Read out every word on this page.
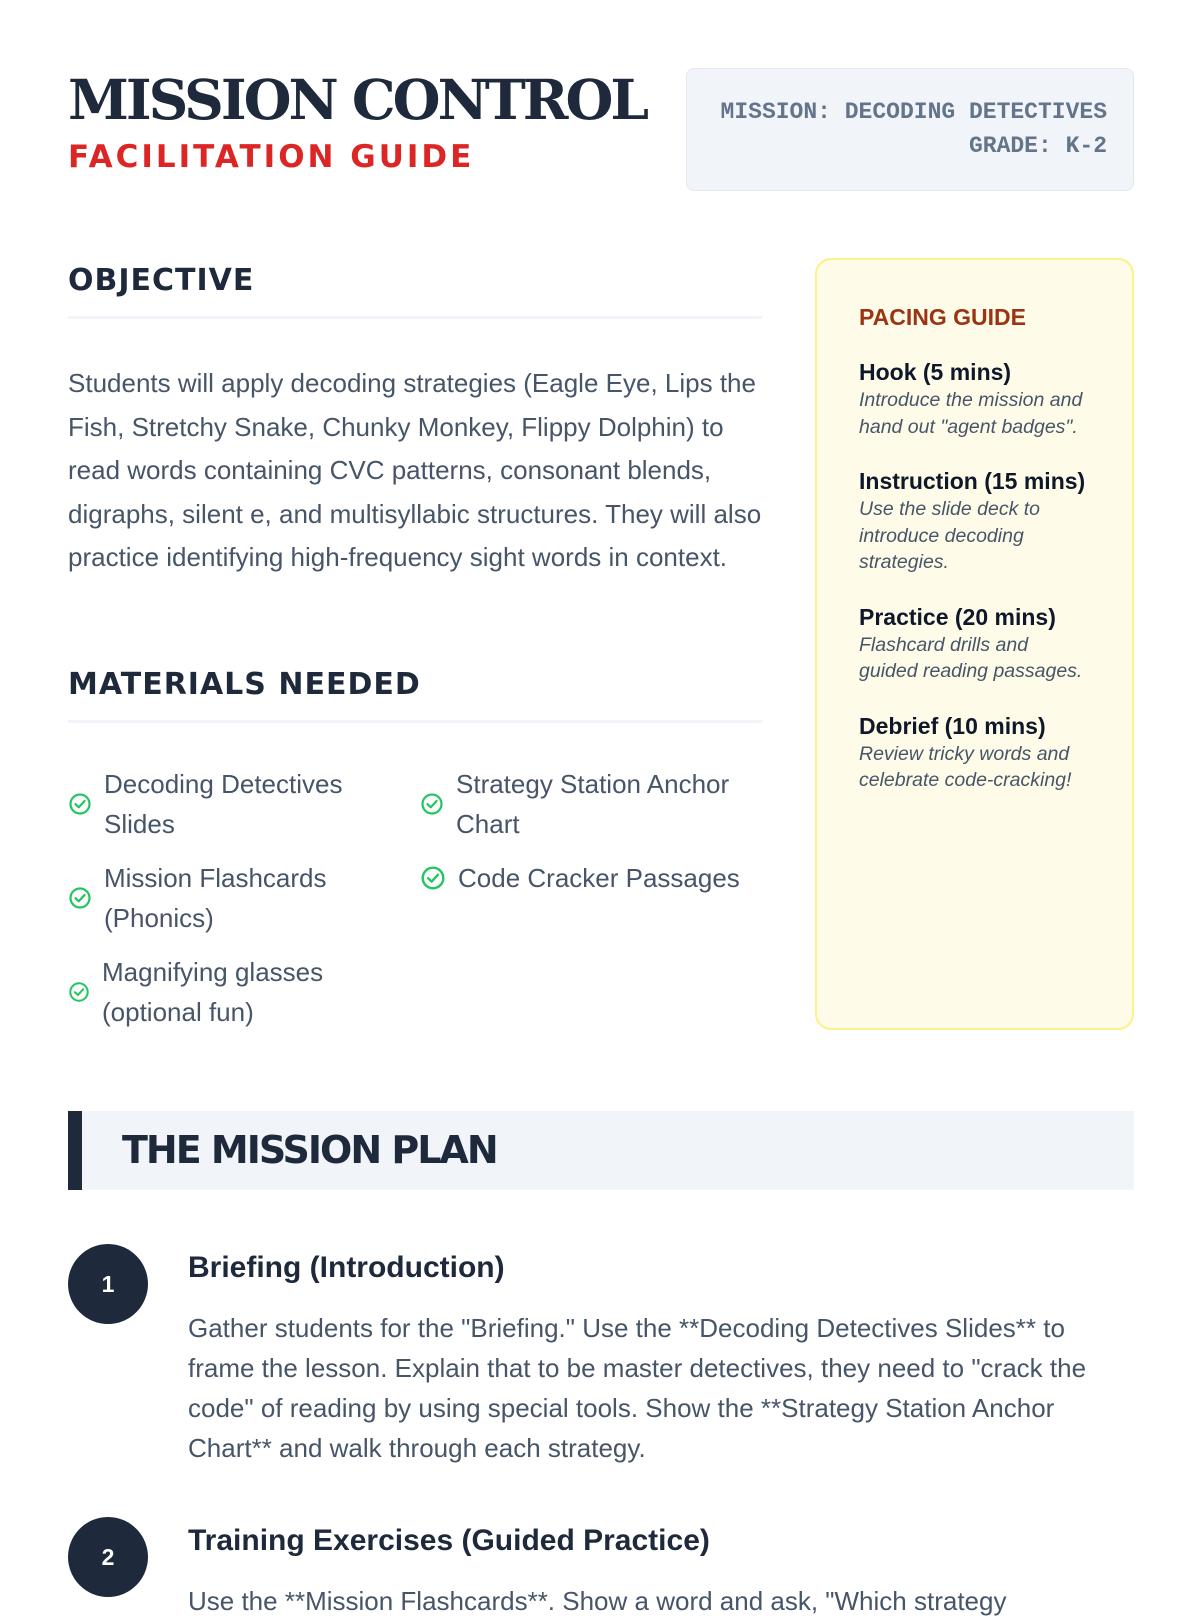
MISSION CONTROL
FACILITATION GUIDE
MISSION: DECODING DETECTIVES
GRADE: K-2
OBJECTIVE
Students will apply decoding strategies (Eagle Eye, Lips the Fish, Stretchy Snake, Chunky Monkey, Flippy Dolphin) to read words containing CVC patterns, consonant blends, digraphs, silent e, and multisyllabic structures. They will also practice identifying high-frequency sight words in context.
MATERIALS NEEDED
Decoding Detectives Slides
Strategy Station Anchor Chart
Mission Flashcards (Phonics)
Code Cracker Passages
Magnifying glasses (optional fun)
PACING GUIDE
Hook (5 mins)
Introduce the mission and hand out "agent badges".
Instruction (15 mins)
Use the slide deck to introduce decoding strategies.
Practice (20 mins)
Flashcard drills and guided reading passages.
Debrief (10 mins)
Review tricky words and celebrate code-cracking!
THE MISSION PLAN
1	Briefing (Introduction)
Gather students for the "Briefing." Use the **Decoding Detectives Slides** to frame the lesson. Explain that to be master detectives, they need to "crack the code" of reading by using special tools. Show the **Strategy Station Anchor Chart** and walk through each strategy.
2	Training Exercises (Guided Practice)
Use the **Mission Flashcards**. Show a word and ask, "Which strategy
